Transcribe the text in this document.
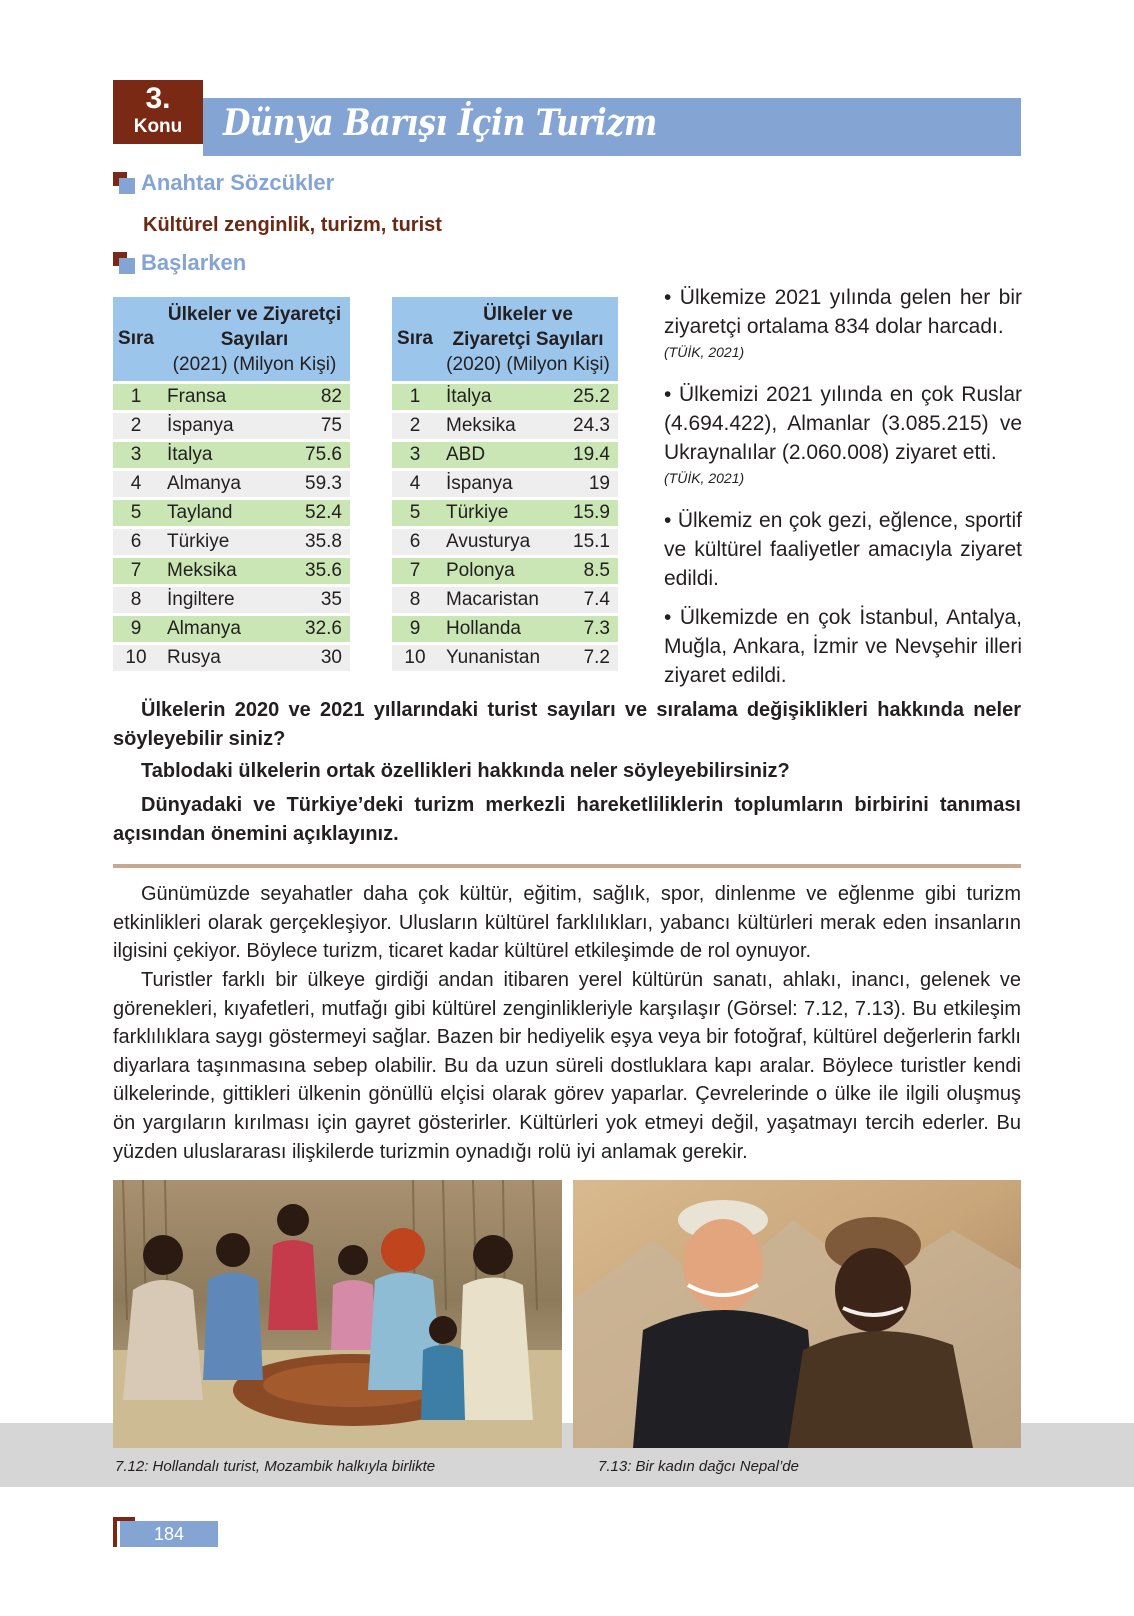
3.
Konu	Dünya Barışı İçin Turizm
Anahtar Sözcükler
Kültürel zenginlik, turizm, turist
Başlarken
Sıra	Ülkeler ve Ziyaretçi
Sayıları
(2021) (Milyon Kişi)	

1	Fransa	82
2	İspanya	75
3	İtalya	75.6
4	Almanya	59.3
5	Tayland	52.4
6	Türkiye	35.8
7	Meksika	35.6
8	İngiltere	35
9	Almanya	32.6
10	Rusya	30
Sıra	Ülkeler ve
Ziyaretçi Sayıları
(2020) (Milyon Kişi)	

1	İtalya	25.2
2	Meksika	24.3
3	ABD	19.4
4	İspanya	19
5	Türkiye	15.9
6	Avusturya	15.1
7	Polonya	8.5
8	Macaristan	7.4
9	Hollanda	7.3
10	Yunanistan	7.2
• Ülkemize 2021 yılında gelen her bir ziyaretçi ortalama 834 dolar harcadı.
(TÜİK, 2021)
• Ülkemizi 2021 yılında en çok Ruslar (4.694.422), Almanlar (3.085.215) ve Ukraynalılar (2.060.008) ziyaret etti.
(TÜİK, 2021)
• Ülkemiz en çok gezi, eğlence, sportif ve kültürel faaliyetler amacıyla ziyaret edildi.
• Ülkemizde en çok İstanbul, Antalya, Muğla, Ankara, İzmir ve Nevşehir illeri ziyaret edildi.
Ülkelerin 2020 ve 2021 yıllarındaki turist sayıları ve sıralama değişiklikleri hakkında neler söyleyebilir siniz?
Tablodaki ülkelerin ortak özellikleri hakkında neler söyleyebilirsiniz?
Dünyadaki ve Türkiye’deki turizm merkezli hareketliliklerin toplumların birbirini tanıması açısından önemini açıklayınız.
Günümüzde seyahatler daha çok kültür, eğitim, sağlık, spor, dinlenme ve eğlenme gibi turizm etkinlikleri olarak gerçekleşiyor. Ulusların kültürel farklılıkları, yabancı kültürleri merak eden insanların ilgisini çekiyor. Böylece turizm, ticaret kadar kültürel etkileşimde de rol oynuyor.
Turistler farklı bir ülkeye girdiği andan itibaren yerel kültürün sanatı, ahlakı, inancı, gelenek ve görenekleri, kıyafetleri, mutfağı gibi kültürel zenginlikleriyle karşılaşır (Görsel: 7.12, 7.13). Bu etkileşim farklılıklara saygı göstermeyi sağlar. Bazen bir hediyelik eşya veya bir fotoğraf, kültürel değerlerin farklı diyarlara taşınmasına sebep olabilir. Bu da uzun süreli dostluklara kapı aralar. Böylece turistler kendi ülkelerinde, gittikleri ülkenin gönüllü elçisi olarak görev yaparlar. Çevrelerinde o ülke ile ilgili oluşmuş ön yargıların kırılması için gayret gösterirler. Kültürleri yok etmeyi değil, yaşatmayı tercih ederler. Bu yüzden uluslararası ilişkilerde turizmin oynadığı rolü iyi anlamak gerekir.
7.12: Hollandalı turist, Mozambik halkıyla birlikte	7.13: Bir kadın dağcı Nepal’de
184
